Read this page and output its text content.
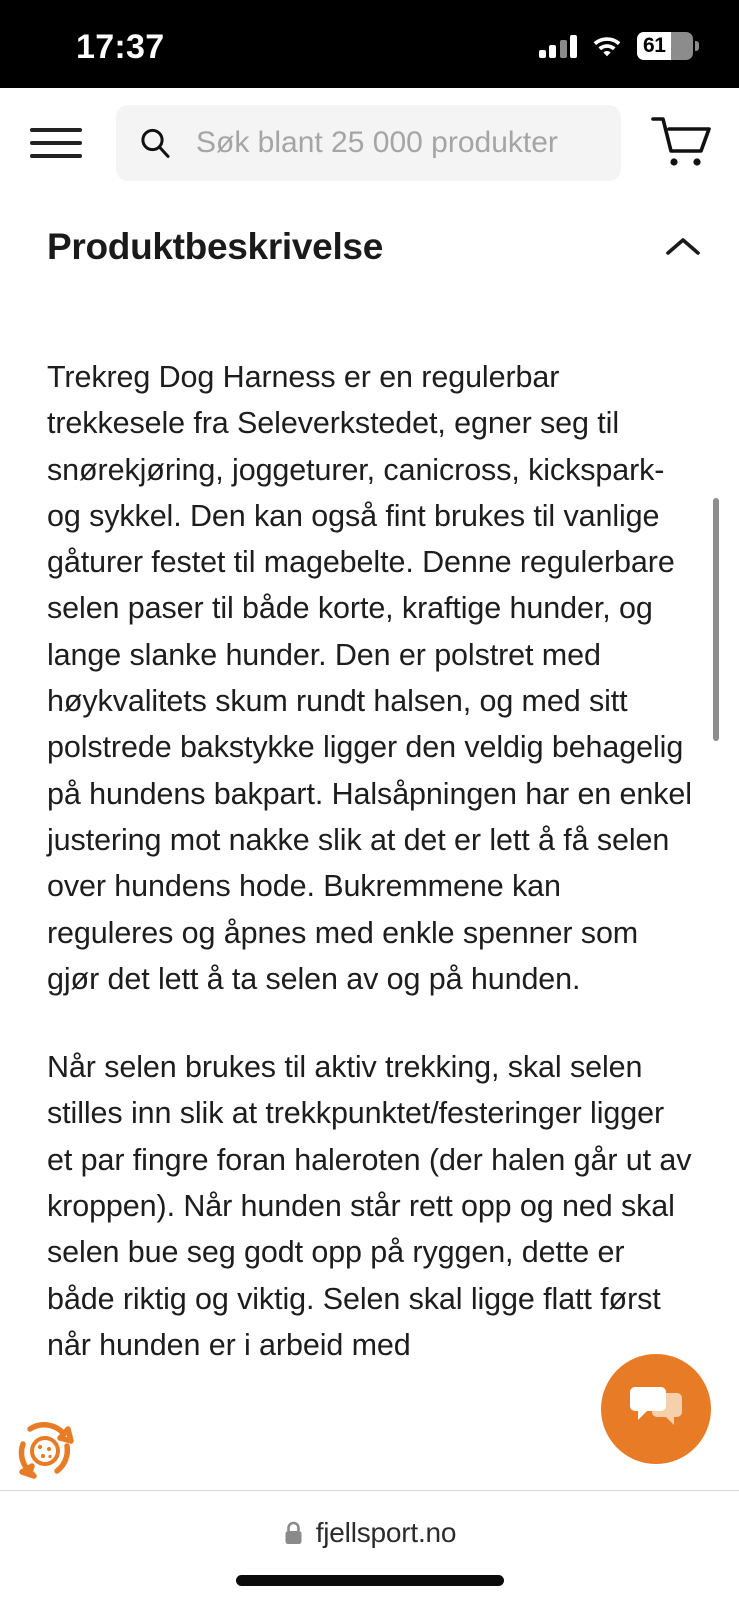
17:37	61
Søk blant 25 000 produkter
Produktbeskrivelse

Trekreg Dog Harness er en regulerbar trekkesele fra Seleverkstedet, egner seg til snørekjøring, joggeturer, canicross, kickspark- og sykkel. Den kan også fint brukes til vanlige gåturer festet til magebelte. Denne regulerbare selen paser til både korte, kraftige hunder, og lange slanke hunder. Den er polstret med høykvalitets skum rundt halsen, og med sitt polstrede bakstykke ligger den veldig behagelig på hundens bakpart. Halsåpningen har en enkel justering mot nakke slik at det er lett å få selen over hundens hode. Bukremmene kan reguleres og åpnes med enkle spenner som gjør det lett å ta selen av og på hunden.

Når selen brukes til aktiv trekking, skal selen stilles inn slik at trekkpunktet/festeringer ligger et par fingre foran haleroten (der halen går ut av kroppen). Når hunden står rett opp og ned skal selen bue seg godt opp på ryggen, dette er både riktig og viktig. Selen skal ligge flatt først når hunden er i arbeid med

fjellsport.no
